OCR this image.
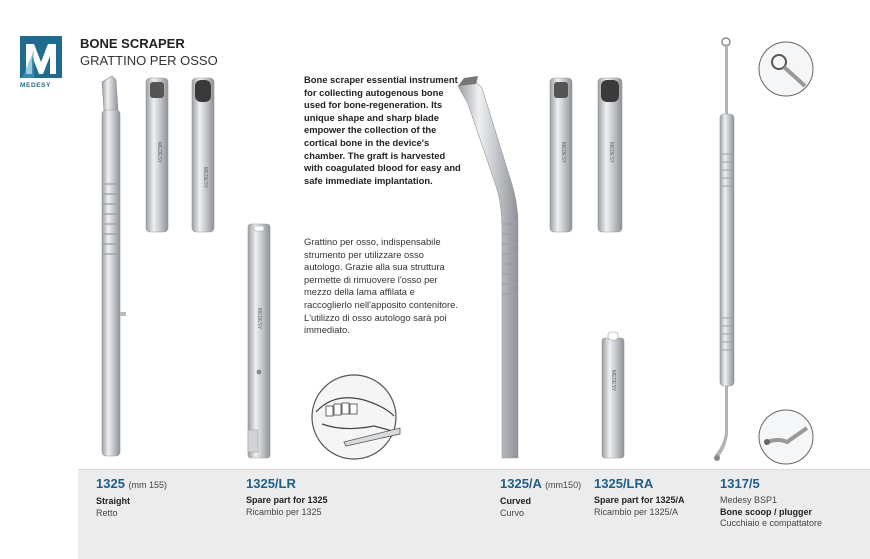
MEDESY
BONE SCRAPER
GRATTINO PER OSSO
Bone scraper essential instrument for collecting autogenous bone used for bone-regeneration. Its unique shape and sharp blade empower the collection of the cortical bone in the device's chamber. The graft is harvested with coagulated blood for easy and safe immediate implantation.
Grattino per osso, indispensabile strumento per utilizzare osso autologo. Grazie alla sua struttura permette di rimuovere l'osso per mezzo della lama affilata e raccoglierlo nell'apposito contenitore. L'utilizzo di osso autologo sarà poi immediato.
MEDESY
MEDESY
MEDESY
MEDESY	MEDESY
MEDESY
1325 (mm 155)
Straight
Retto
1325/LR
Spare part for 1325
Ricambio per 1325
1325/A (mm150)
Curved
Curvo
1325/LRA
Spare part for 1325/A
Ricambio per 1325/A
1317/5
Medesy BSP1
Bone scoop / plugger
Cucchiaio e compattatore
